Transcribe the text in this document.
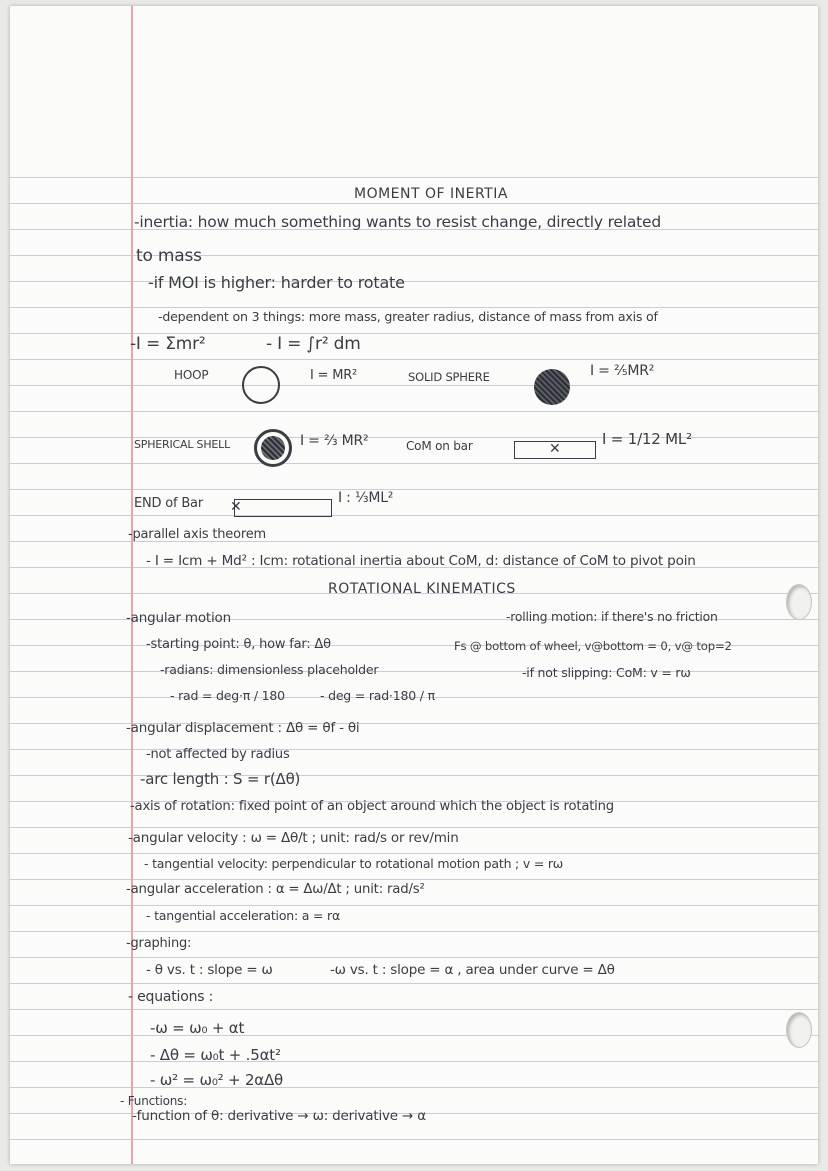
MOMENT OF INERTIA
-inertia: how much something wants to resist change, directly related
to mass
-if MOI is higher: harder to rotate
-dependent on 3 things: more mass, greater radius, distance of mass from axis of
-I = Σmr²	- I = ∫r² dm
HOOP	I = MR²	SOLID SPHERE	I = ⅖MR²
SPHERICAL SHELL	I = ⅔ MR²	CoM on bar	✕
I = 1/12 ML²
END of Bar ✕
I : ⅓ML²
-parallel axis theorem
- I = Icm + Md² : Icm: rotational inertia about CoM, d: distance of CoM to pivot poin
ROTATIONAL KINEMATICS
-angular motion	-rolling motion: if there's no friction
-starting point: θ, how far: Δθ	Fs @ bottom of wheel, v@bottom = 0, v@ top=2
-radians: dimensionless placeholder	-if not slipping: CoM: v = rω
- rad = deg·π / 180	- deg = rad·180 / π
-angular displacement : Δθ = θf - θi
-not affected by radius
-arc length : S = r(Δθ)
-axis of rotation: fixed point of an object around which the object is rotating
-angular velocity : ω = Δθ/t ; unit: rad/s or rev/min
- tangential velocity: perpendicular to rotational motion path ; v = rω
-angular acceleration : α = Δω/Δt ; unit: rad/s²
- tangential acceleration: a = rα
-graphing:
- θ vs. t : slope = ω	-ω vs. t : slope = α , area under curve = Δθ
- equations :
-ω = ω₀ + αt
- Δθ = ω₀t + .5αt²
- ω² = ω₀² + 2αΔθ
- Functions:
-function of θ: derivative → ω: derivative → α
